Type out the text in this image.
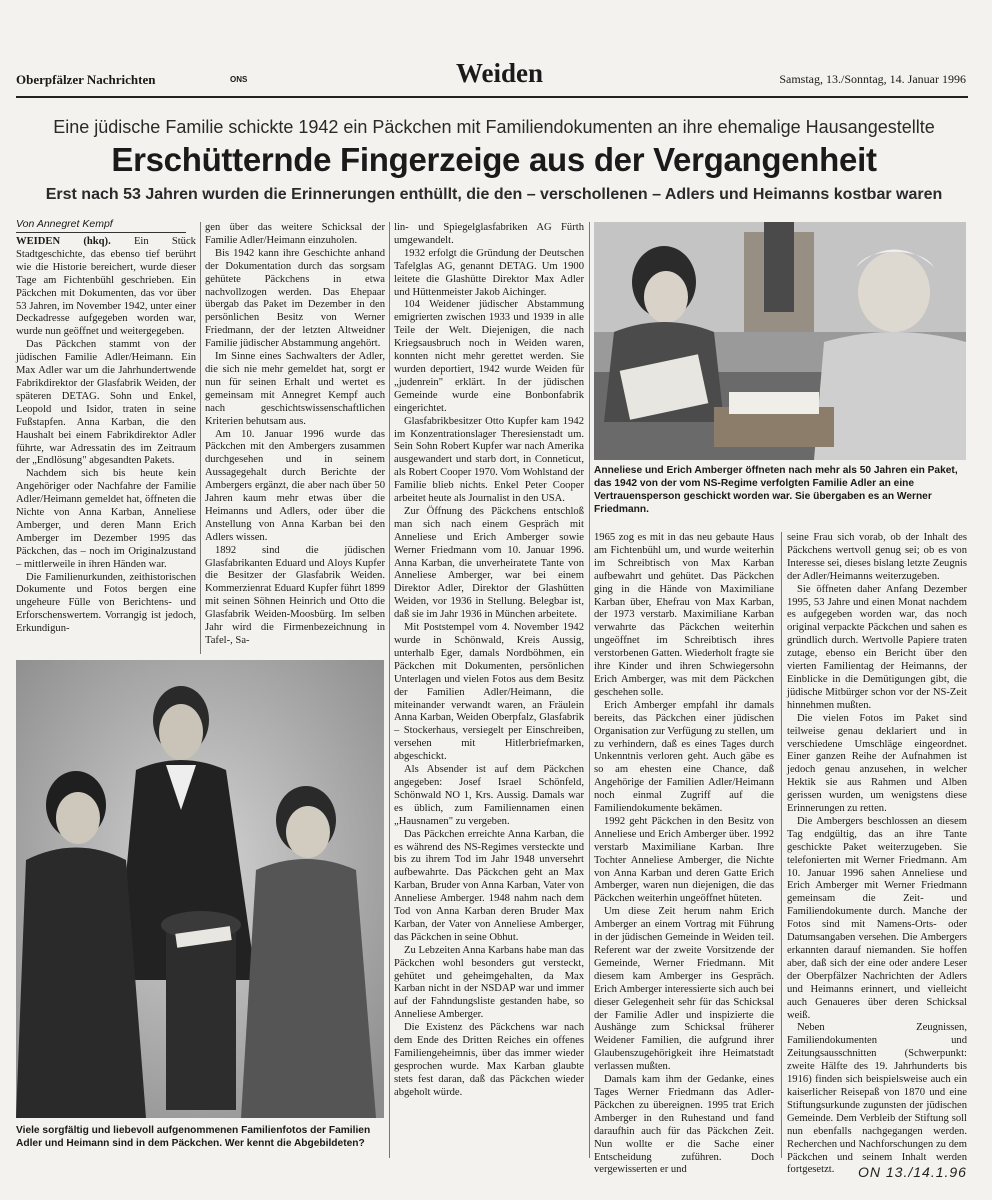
Oberpfälzer Nachrichten	ONS	Weiden	Samstag, 13./Sonntag, 14. Januar 1996
Eine jüdische Familie schickte 1942 ein Päckchen mit Familiendokumenten an ihre ehemalige Hausangestellte
Erschütternde Fingerzeige aus der Vergangenheit
Erst nach 53 Jahren wurden die Erinnerungen enthüllt, die den – verschollenen – Adlers und Heimanns kostbar waren
Von Annegret Kempf

WEIDEN (hkq). Ein Stück Stadtgeschichte, das ebenso tief berührt wie die Historie bereichert, wurde dieser Tage am Fichtenbühl geschrieben. Ein Päckchen mit Dokumenten, das vor über 53 Jahren, im November 1942, unter einer Deckadresse aufgegeben worden war, wurde nun geöffnet und weitergegeben.

Das Päckchen stammt von der jüdischen Familie Adler/Heimann. Ein Max Adler war um die Jahrhundertwende Fabrikdirektor der Glasfabrik Weiden, der späteren DETAG. Sohn und Enkel, Leopold und Isidor, traten in seine Fußstapfen. Anna Karban, die den Haushalt bei einem Fabrikdirektor Adler führte, war Adressatin des im Zeitraum der „Endlösung" abgesandten Pakets.

Nachdem sich bis heute kein Angehöriger oder Nachfahre der Familie Adler/Heimann gemeldet hat, öffneten die Nichte von Anna Karban, Anneliese Amberger, und deren Mann Erich Amberger im Dezember 1995 das Päckchen, das – noch im Originalzustand – mittlerweile in ihren Händen war.

Die Familienurkunden, zeithistorischen Dokumente und Fotos bergen eine ungeheure Fülle von Berichtens- und Erforschenswertem. Vorrangig ist jedoch, Erkundigun-

gen über das weitere Schicksal der Familie Adler/Heimann einzuholen.

Bis 1942 kann ihre Geschichte anhand der Dokumentation durch das sorgsam gehütete Päckchens in etwa nachvollzogen werden. Das Ehepaar übergab das Paket im Dezember in den persönlichen Besitz von Werner Friedmann, der der letzten Altweidner Familie jüdischer Abstammung angehört.

Im Sinne eines Sachwalters der Adler, die sich nie mehr gemeldet hat, sorgt er nun für seinen Erhalt und wertet es gemeinsam mit Annegret Kempf auch nach geschichtswissenschaftlichen Kriterien behutsam aus.

Am 10. Januar 1996 wurde das Päckchen mit den Ambergers zusammen durchgesehen und in seinem Aussagegehalt durch Berichte der Ambergers ergänzt, die aber nach über 50 Jahren kaum mehr etwas über die Heimanns und Adlers, oder über die Anstellung von Anna Karban bei den Adlers wissen.

1892 sind die jüdischen Glasfabrikanten Eduard und Aloys Kupfer die Besitzer der Glasfabrik Weiden. Kommerzienrat Eduard Kupfer führt 1899 mit seinen Söhnen Heinrich und Otto die Glasfabrik Weiden-Moosbürg. Im selben Jahr wird die Firmenbezeichnung in Tafel-, Sa-

lin- und Spiegelglasfabriken AG Fürth umgewandelt.

1932 erfolgt die Gründung der Deutschen Tafelglas AG, genannt DETAG. Um 1900 leitete die Glashütte Direktor Max Adler und Hüttenmeister Jakob Aichinger.

104 Weidener jüdischer Abstammung emigrierten zwischen 1933 und 1939 in alle Teile der Welt. Diejenigen, die nach Kriegsausbruch noch in Weiden waren, konnten nicht mehr gerettet werden. Sie wurden deportiert, 1942 wurde Weiden für „judenrein" erklärt. In der jüdischen Gemeinde wurde eine Bonbonfabrik eingerichtet.

Glasfabrikbesitzer Otto Kupfer kam 1942 im Konzentrationslager Theresienstadt um. Sein Sohn Robert Kupfer war nach Amerika ausgewandert und starb dort, in Conneticut, als Robert Cooper 1970. Vom Wohlstand der Familie blieb nichts. Enkel Peter Cooper arbeitet heute als Journalist in den USA.

Zur Öffnung des Päckchens entschloß man sich nach einem Gespräch mit Anneliese und Erich Amberger sowie Werner Friedmann vom 10. Januar 1996. Anna Karban, die unverheiratete Tante von Anneliese Amberger, war bei einem Direktor Adler, Direktor der Glashütten Weiden, vor 1936 in Stellung. Belegbar ist, daß sie im Jahr 1936 in München arbeitete.

Mit Poststempel vom 4. November 1942 wurde in Schönwald, Kreis Aussig, unterhalb Eger, damals Nordböhmen, ein Päckchen mit Dokumenten, persönlichen Unterlagen und vielen Fotos aus dem Besitz der Familien Adler/Heimann, die miteinander verwandt waren, an Fräulein Anna Karban, Weiden Oberpfalz, Glasfabrik – Stockerhaus, versiegelt per Einschreiben, versehen mit Hitlerbriefmarken, abgeschickt.

Als Absender ist auf dem Päckchen angegeben: Josef Israel Schönfeld, Schönwald NO 1, Krs. Aussig. Damals war es üblich, zum Familiennamen einen „Hausnamen" zu vergeben.

Das Päckchen erreichte Anna Karban, die es während des NS-Regimes versteckte und bis zu ihrem Tod im Jahr 1948 unversehrt aufbewahrte. Das Päckchen geht an Max Karban, Bruder von Anna Karban, Vater von Anneliese Amberger. 1948 nahm nach dem Tod von Anna Karban deren Bruder Max Karban, der Vater von Anneliese Amberger, das Päckchen in seine Obhut.

Zu Lebzeiten Anna Karbans habe man das Päckchen wohl besonders gut versteckt, gehütet und geheimgehalten, da Max Karban nicht in der NSDAP war und immer auf der Fahndungsliste gestanden habe, so Anneliese Amberger.

Die Existenz des Päckchens war nach dem Ende des Dritten Reiches ein offenes Familiengeheimnis, über das immer wieder gesprochen wurde. Max Karban glaubte stets fest daran, daß das Päckchen wieder abgeholt würde.

Anneliese und Erich Amberger öffneten nach mehr als 50 Jahren ein Paket, das 1942 von der vom NS-Regime verfolgten Familie Adler an eine Vertrauensperson geschickt worden war. Sie übergaben es an Werner Friedmann.

1965 zog es mit in das neu gebaute Haus am Fichtenbühl um, und wurde weiterhin im Schreibtisch von Max Karban aufbewahrt und gehütet. Das Päckchen ging in die Hände von Maximiliane Karban über, Ehefrau von Max Karban, der 1973 verstarb. Maximiliane Karban verwahrte das Päckchen weiterhin ungeöffnet im Schreibtisch ihres verstorbenen Gatten. Wiederholt fragte sie ihre Kinder und ihren Schwiegersohn Erich Amberger, was mit dem Päckchen geschehen solle.

Erich Amberger empfahl ihr damals bereits, das Päckchen einer jüdischen Organisation zur Verfügung zu stellen, um zu verhindern, daß es eines Tages durch Unkenntnis verloren geht. Auch gäbe es so am ehesten eine Chance, daß Angehörige der Familien Adler/Heimann noch einmal Zugriff auf die Familiendokumente bekämen.

1992 geht Päckchen in den Besitz von Anneliese und Erich Amberger über. 1992 verstarb Maximiliane Karban. Ihre Tochter Anneliese Amberger, die Nichte von Anna Karban und deren Gatte Erich Amberger, waren nun diejenigen, die das Päckchen weiterhin ungeöffnet hüteten.

Um diese Zeit herum nahm Erich Amberger an einem Vortrag mit Führung in der jüdischen Gemeinde in Weiden teil. Referent war der zweite Vorsitzende der Gemeinde, Werner Friedmann. Mit diesem kam Amberger ins Gespräch. Erich Amberger interessierte sich auch bei dieser Gelegenheit sehr für das Schicksal der Familie Adler und inspizierte die Aushänge zum Schicksal früherer Weidener Familien, die aufgrund ihrer Glaubenszugehörigkeit ihre Heimatstadt verlassen mußten.

Damals kam ihm der Gedanke, eines Tages Werner Friedmann das Adler-Päckchen zu übereignen. 1995 trat Erich Amberger in den Ruhestand und fand daraufhin auch für das Päckchen Zeit. Nun wollte er die Sache einer Entscheidung zuführen. Doch vergewisserten er und

seine Frau sich vorab, ob der Inhalt des Päckchens wertvoll genug sei; ob es von Interesse sei, dieses bislang letzte Zeugnis der Adler/Heimanns weiterzugeben.

Sie öffneten daher Anfang Dezember 1995, 53 Jahre und einen Monat nachdem es aufgegeben worden war, das noch original verpackte Päckchen und sahen es gründlich durch. Wertvolle Papiere traten zutage, ebenso ein Bericht über den vierten Familientag der Heimanns, der Einblicke in die Demütigungen gibt, die jüdische Mitbürger schon vor der NS-Zeit hinnehmen mußten.

Die vielen Fotos im Paket sind teilweise genau deklariert und in verschiedene Umschläge eingeordnet. Einer ganzen Reihe der Aufnahmen ist jedoch genau anzusehen, in welcher Hektik sie aus Rahmen und Alben gerissen wurden, um wenigstens diese Erinnerungen zu retten.

Die Ambergers beschlossen an diesem Tag endgültig, das an ihre Tante geschickte Paket weiterzugeben. Sie telefonierten mit Werner Friedmann. Am 10. Januar 1996 sahen Anneliese und Erich Amberger mit Werner Friedmann gemeinsam die Zeit- und Familiendokumente durch. Manche der Fotos sind mit Namens-Orts- oder Datumsangaben versehen. Die Ambergers erkannten darauf niemanden. Sie hoffen aber, daß sich der eine oder andere Leser der Oberpfälzer Nachrichten der Adlers und Heimanns erinnert, und vielleicht auch Genaueres über deren Schicksal weiß.

Neben Zeugnissen, Familiendokumenten und Zeitungsausschnitten (Schwerpunkt: zweite Hälfte des 19. Jahrhunderts bis 1916) finden sich beispielsweise auch ein kaiserlicher Reisepaß von 1870 und eine Stiftungsurkunde zugunsten der jüdischen Gemeinde. Dem Verbleib der Stiftung soll nun ebenfalls nachgegangen werden. Recherchen und Nachforschungen zu dem Päckchen und seinem Inhalt werden fortgesetzt.

Viele sorgfältig und liebevoll aufgenommenen Familienfotos der Familien Adler und Heimann sind in dem Päckchen. Wer kennt die Abgebildeten?
ON 13./14.1.96
